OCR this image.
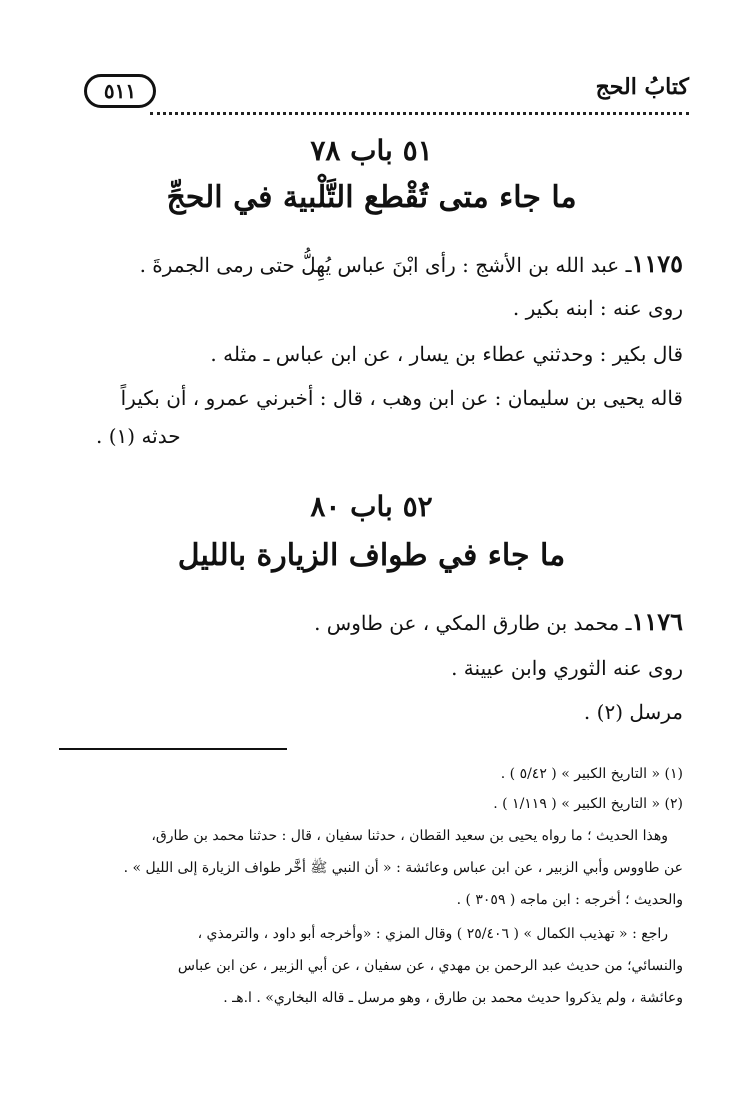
كتابُ الحج
٥١١
٥١ باب ٧٨
ما جاء متى تُقْطع التَّلْبية في الحجِّ
١١٧٥ـ عبد الله بن الأشج : رأى ابْنَ عباس يُهِلُّ حتى رمى الجمرةَ .
روى عنه : ابنه بكير .
قال بكير : وحدثني عطاء بن يسار ، عن ابن عباس ـ مثله .
قاله يحيى بن سليمان : عن ابن وهب ، قال : أخبرني عمرو ، أن بكيراً
حدثه (١) .
٥٢ باب ٨٠
ما جاء في طواف الزيارة بالليل
١١٧٦ـ محمد بن طارق المكي ، عن طاوس .
روى عنه الثوري وابن عيينة .
مرسل (٢) .
(١) « التاريخ الكبير » ( ٥/٤٢ ) .
(٢) « التاريخ الكبير » ( ١/١١٩ ) .
وهذا الحديث ؛ ما رواه يحيى بن سعيد القطان ، حدثنا سفيان ، قال : حدثنا محمد بن طارق،
عن طاووس وأبي الزبير ، عن ابن عباس وعائشة : « أن النبي ﷺ أخَّر طواف الزيارة إلى الليل » .
والحديث ؛ أخرجه : ابن ماجه ( ٣٠٥٩ ) .
راجع : « تهذيب الكمال » ( ٢٥/٤٠٦ ) وقال المزي : «وأخرجه أبو داود ، والترمذي ،
والنسائي؛ من حديث عبد الرحمن بن مهدي ، عن سفيان ، عن أبي الزبير ، عن ابن عباس
وعائشة ، ولم يذكروا حديث محمد بن طارق ، وهو مرسل ـ قاله البخاري» . ا.هـ .
